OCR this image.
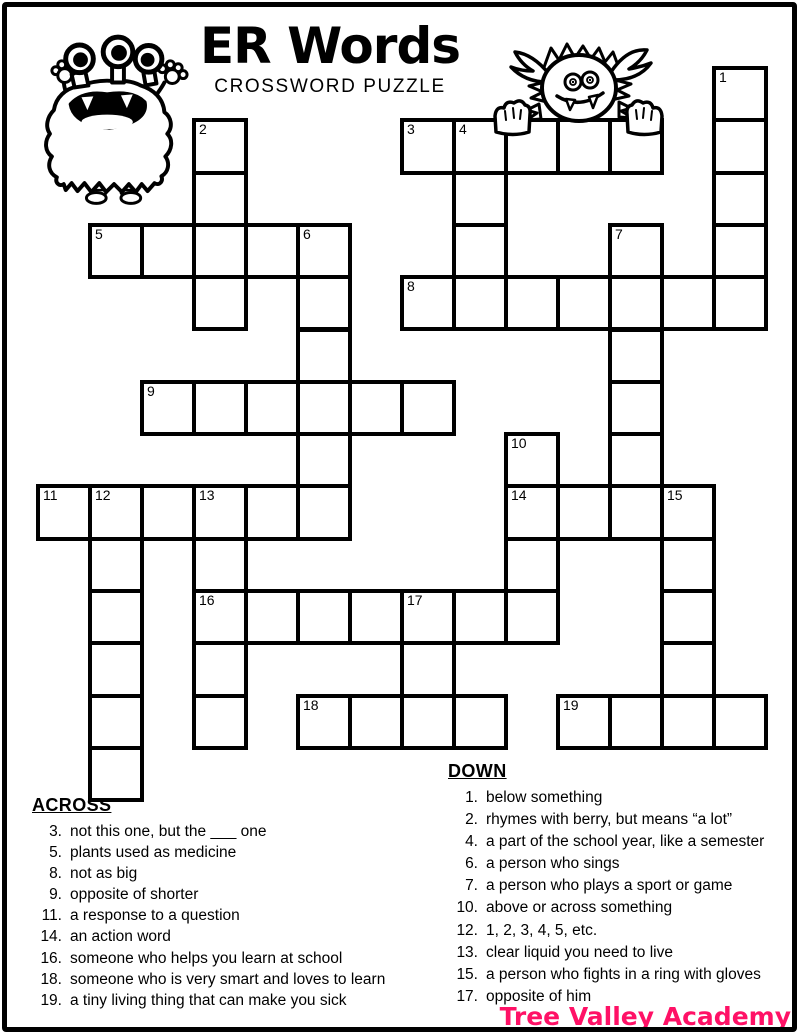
ER Words

CROSSWORD PUZZLE	1
2	3	4
5	6	7
8
9
10
11	12	13	14	15
16	17
18	19
ACROSS
3. not this one, but the ___ one
5. plants used as medicine
8. not as big
9. opposite of shorter
11. a response to a question
14. an action word
16. someone who helps you learn at school
18. someone who is very smart and loves to learn
19. a tiny living thing that can make you sick
DOWN
1. below something
2. rhymes with berry, but means “a lot”
4. a part of the school year, like a semester
6. a person who sings
7. a person who plays a sport or game
10. above or across something
12. 1, 2, 3, 4, 5, etc.
13. clear liquid you need to live
15. a person who fights in a ring with gloves
17. opposite of him
Tree Valley Academy
